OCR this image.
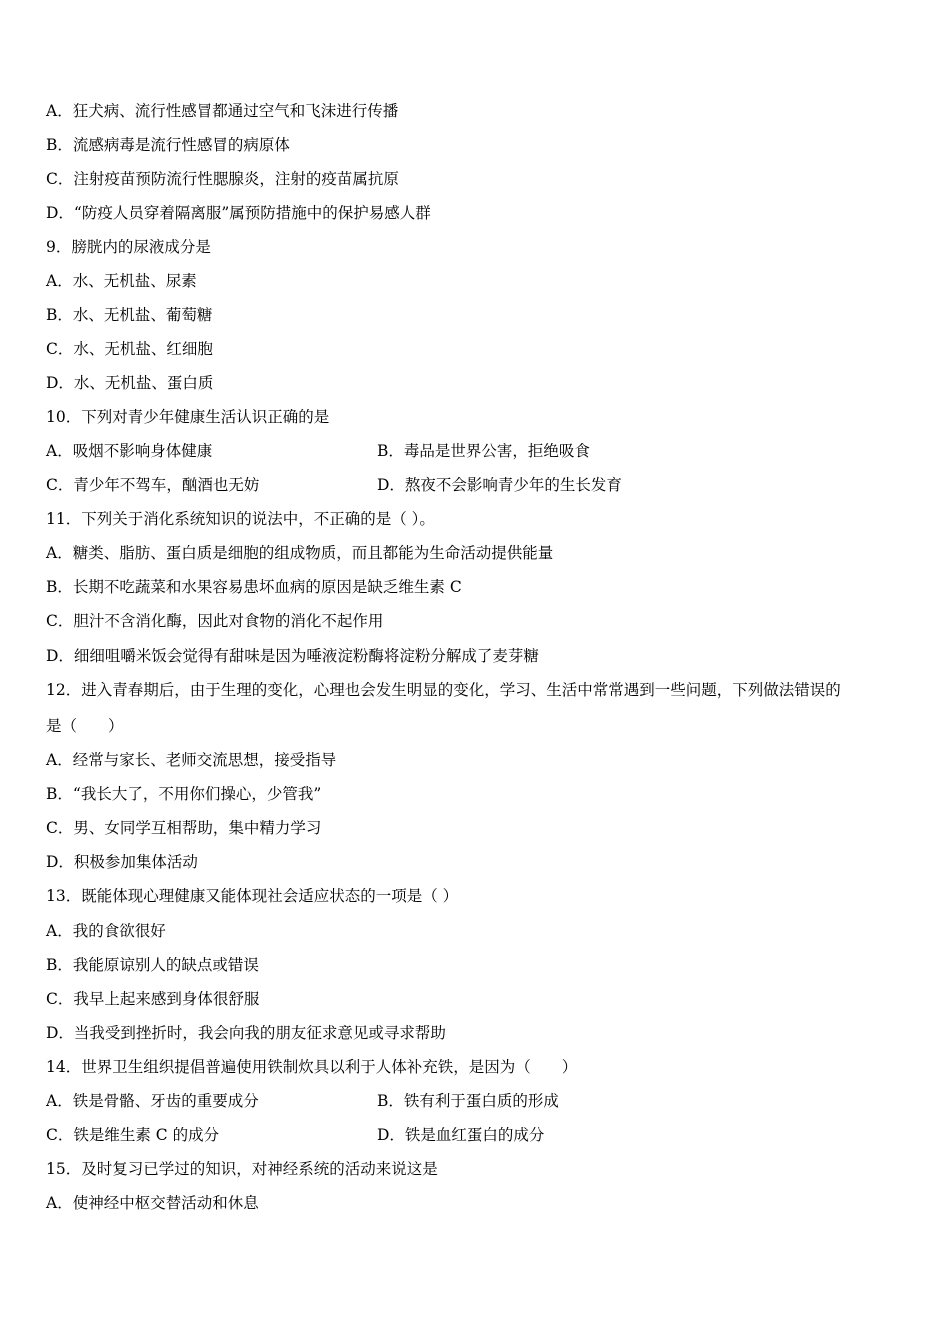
A．狂犬病、流行性感冒都通过空气和飞沫进行传播
B．流感病毒是流行性感冒的病原体
C．注射疫苗预防流行性腮腺炎，注射的疫苗属抗原
D．“防疫人员穿着隔离服”属预防措施中的保护易感人群
9．膀胱内的尿液成分是
A．水、无机盐、尿素
B．水、无机盐、葡萄糖
C．水、无机盐、红细胞
D．水、无机盐、蛋白质
10．下列对青少年健康生活认识正确的是
A．吸烟不影响身体健康	B．毒品是世界公害，拒绝吸食
C．青少年不驾车，酗酒也无妨	D．熬夜不会影响青少年的生长发育
11．下列关于消化系统知识的说法中，不正确的是（ ）。
A．糖类、脂肪、蛋白质是细胞的组成物质，而且都能为生命活动提供能量
B．长期不吃蔬菜和水果容易患坏血病的原因是缺乏维生素 C
C．胆汁不含消化酶，因此对食物的消化不起作用
D．细细咀嚼米饭会觉得有甜味是因为唾液淀粉酶将淀粉分解成了麦芽糖
12．进入青春期后，由于生理的变化，心理也会发生明显的变化，学习、生活中常常遇到一些问题，下列做法错误的
是（　　）
A．经常与家长、老师交流思想，接受指导
B．“我长大了，不用你们操心，少管我”
C．男、女同学互相帮助，集中精力学习
D．积极参加集体活动
13．既能体现心理健康又能体现社会适应状态的一项是（ ）
A．我的食欲很好
B．我能原谅别人的缺点或错误
C．我早上起来感到身体很舒服
D．当我受到挫折时，我会向我的朋友征求意见或寻求帮助
14．世界卫生组织提倡普遍使用铁制炊具以利于人体补充铁，是因为（　　）
A．铁是骨骼、牙齿的重要成分	B．铁有利于蛋白质的形成
C．铁是维生素 C 的成分	D．铁是血红蛋白的成分
15．及时复习已学过的知识，对神经系统的活动来说这是
A．使神经中枢交替活动和休息
